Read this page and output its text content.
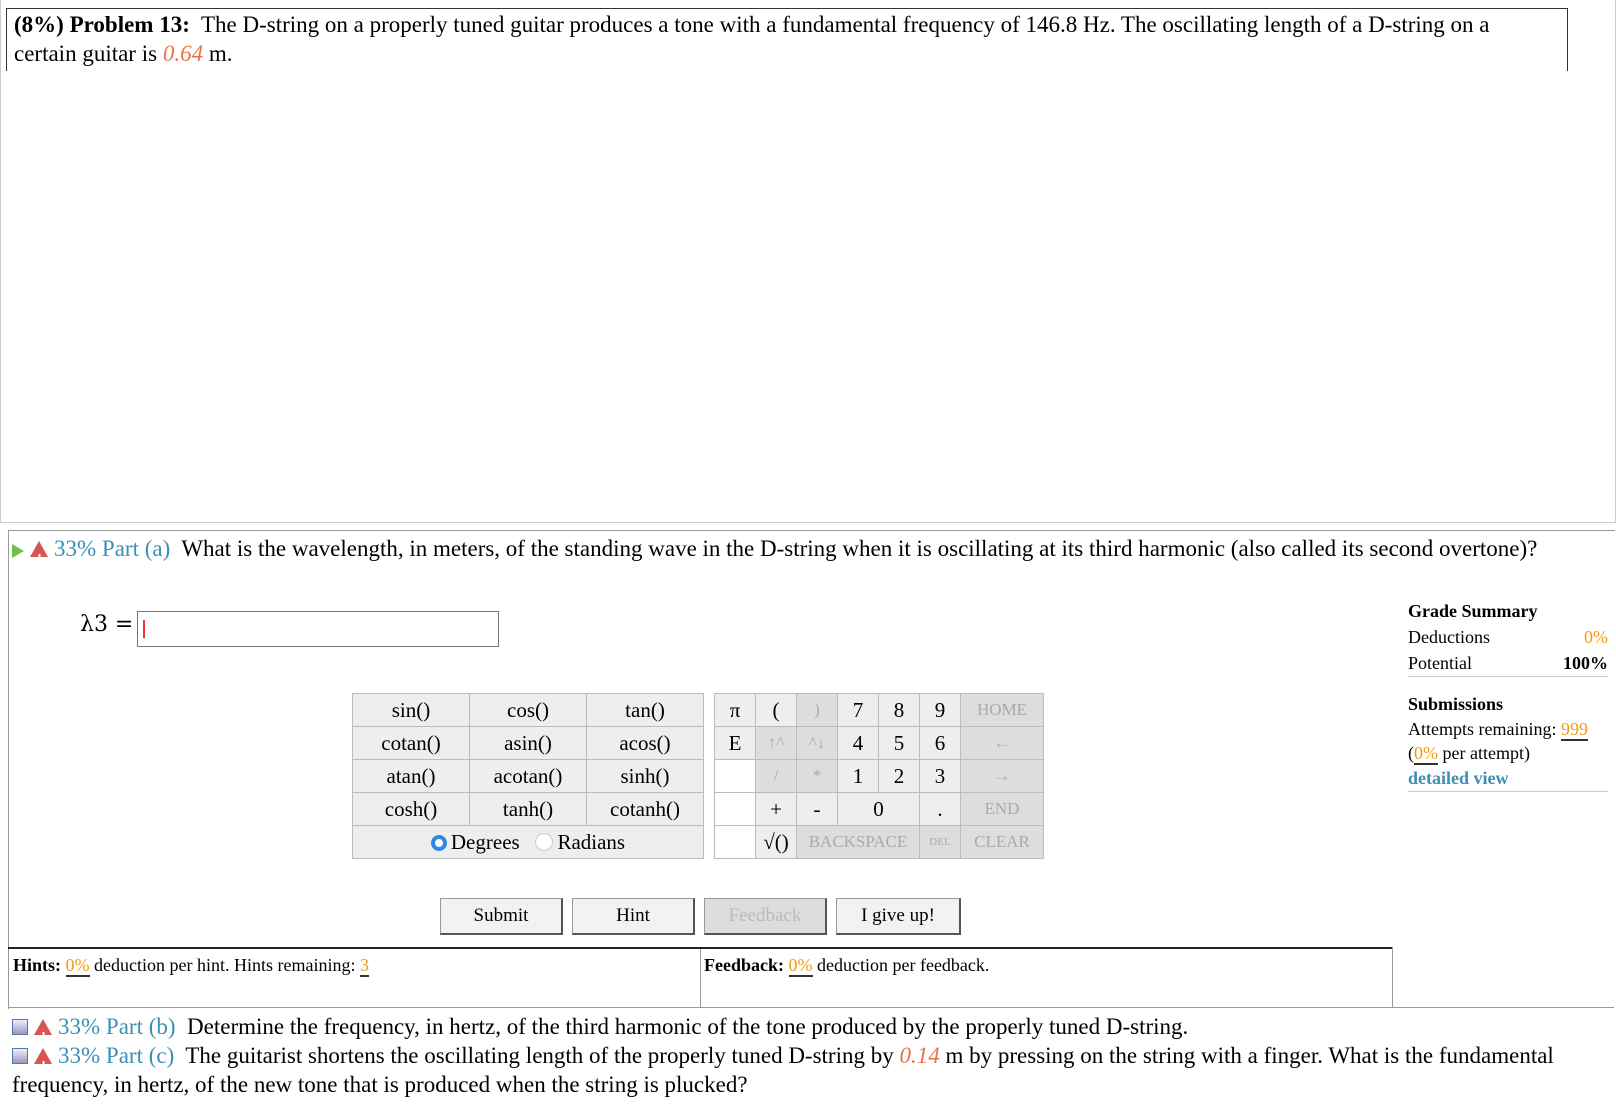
(8%) Problem 13: The D-string on a properly tuned guitar produces a tone with a fundamental frequency of 146.8 Hz. The oscillating length of a D-string on a certain guitar is 0.64 m.
!33% Part (a) What is the wavelength, in meters, of the standing wave in the D-string when it is oscillating at its third harmonic (also called its second overtone)?
λ3 =
sin()	cos()	tan()
cotan()	asin()	acos()
atan()	acotan()	sinh()
cosh()	tanh()	cotanh()
Degrees Radians		
π	(	)	7	8	9	HOME
E	↑^	^↓	4	5	6	←
	/	*	1	2	3	→
	+	-	0		.	END
	√()	BACKSPACE			DEL	CLEAR
Submit	Hint	Feedback	I give up!
Hints: 0% deduction per hint. Hints remaining: 3	Feedback: 0% deduction per feedback.
Grade Summary
Deductions	0%
Potential	100%
Submissions
Attempts remaining: 999
(0% per attempt)
detailed view
!33% Part (b) Determine the frequency, in hertz, of the third harmonic of the tone produced by the properly tuned D-string.
!33% Part (c) The guitarist shortens the oscillating length of the properly tuned D-string by 0.14 m by pressing on the string with a finger. What is the fundamental frequency, in hertz, of the new tone that is produced when the string is plucked?
